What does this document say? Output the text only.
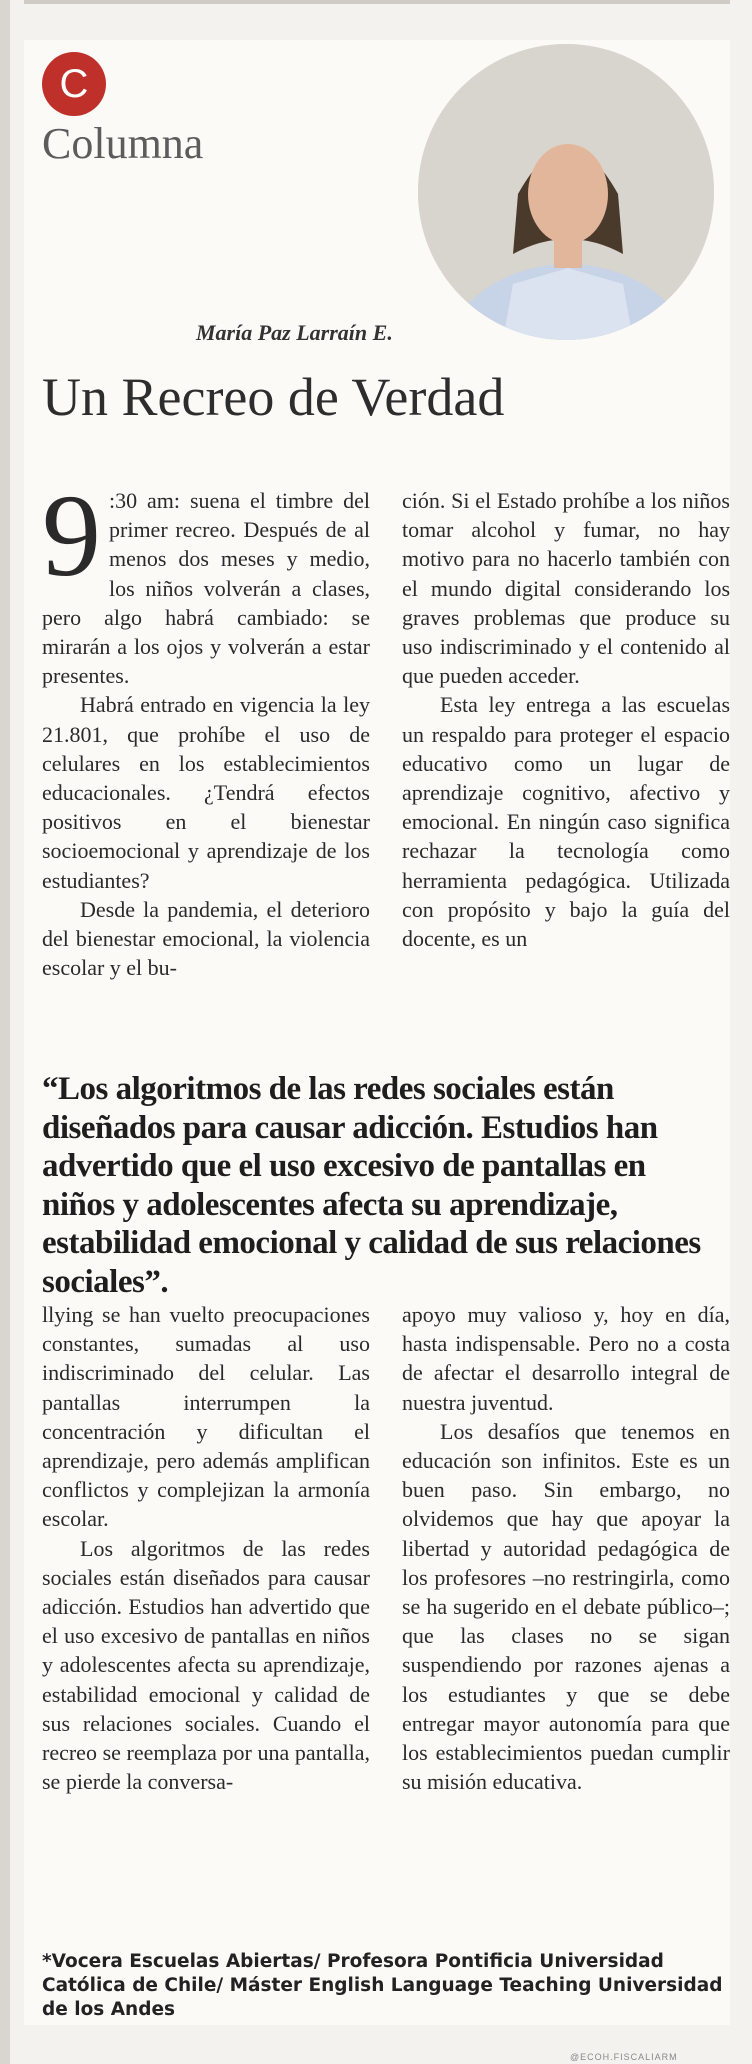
C
Columna
María Paz Larraín E.
Un Recreo de Verdad

9 :30 am: suena el timbre del primer recreo. Después de al menos dos meses y medio, los niños volverán a clases, pero algo habrá cambiado: se mirarán a los ojos y volverán a estar presentes.

Habrá entrado en vigencia la ley 21.801, que prohíbe el uso de celulares en los establecimientos educacionales. ¿Tendrá efectos positivos en el bienestar socioemocional y aprendizaje de los estudiantes?

Desde la pandemia, el deterioro del bienestar emocional, la violencia escolar y el bu-

ción. Si el Estado prohíbe a los niños tomar alcohol y fumar, no hay motivo para no hacerlo también con el mundo digital considerando los graves problemas que produce su uso indiscriminado y el contenido al que pueden acceder.

Esta ley entrega a las escuelas un respaldo para proteger el espacio educativo como un lugar de aprendizaje cognitivo, afectivo y emocional. En ningún caso significa rechazar la tecnología como herramienta pedagógica. Utilizada con propósito y bajo la guía del docente, es un

“Los algoritmos de las redes sociales están diseñados para causar adicción. Estudios han advertido que el uso excesivo de pantallas en niños y adolescentes afecta su aprendizaje, estabilidad emocional y calidad de sus relaciones sociales”.

llying se han vuelto preocupaciones constantes, sumadas al uso indiscriminado del celular. Las pantallas interrumpen la concentración y dificultan el aprendizaje, pero además amplifican conflictos y complejizan la armonía escolar.

Los algoritmos de las redes sociales están diseñados para causar adicción. Estudios han advertido que el uso excesivo de pantallas en niños y adolescentes afecta su aprendizaje, estabilidad emocional y calidad de sus relaciones sociales. Cuando el recreo se reemplaza por una pantalla, se pierde la conversa-

apoyo muy valioso y, hoy en día, hasta indispensable. Pero no a costa de afectar el desarrollo integral de nuestra juventud.

Los desafíos que tenemos en educación son infinitos. Este es un buen paso. Sin embargo, no olvidemos que hay que apoyar la libertad y autoridad pedagógica de los profesores –no restringirla, como se ha sugerido en el debate público–; que las clases no se sigan suspendiendo por razones ajenas a los estudiantes y que se debe entregar mayor autonomía para que los establecimientos puedan cumplir su misión educativa.

*Vocera Escuelas Abiertas/ Profesora Pontificia Universidad Católica de Chile/ Máster English Language Teaching Universidad de los Andes
@ECOH.FISCALIARM
